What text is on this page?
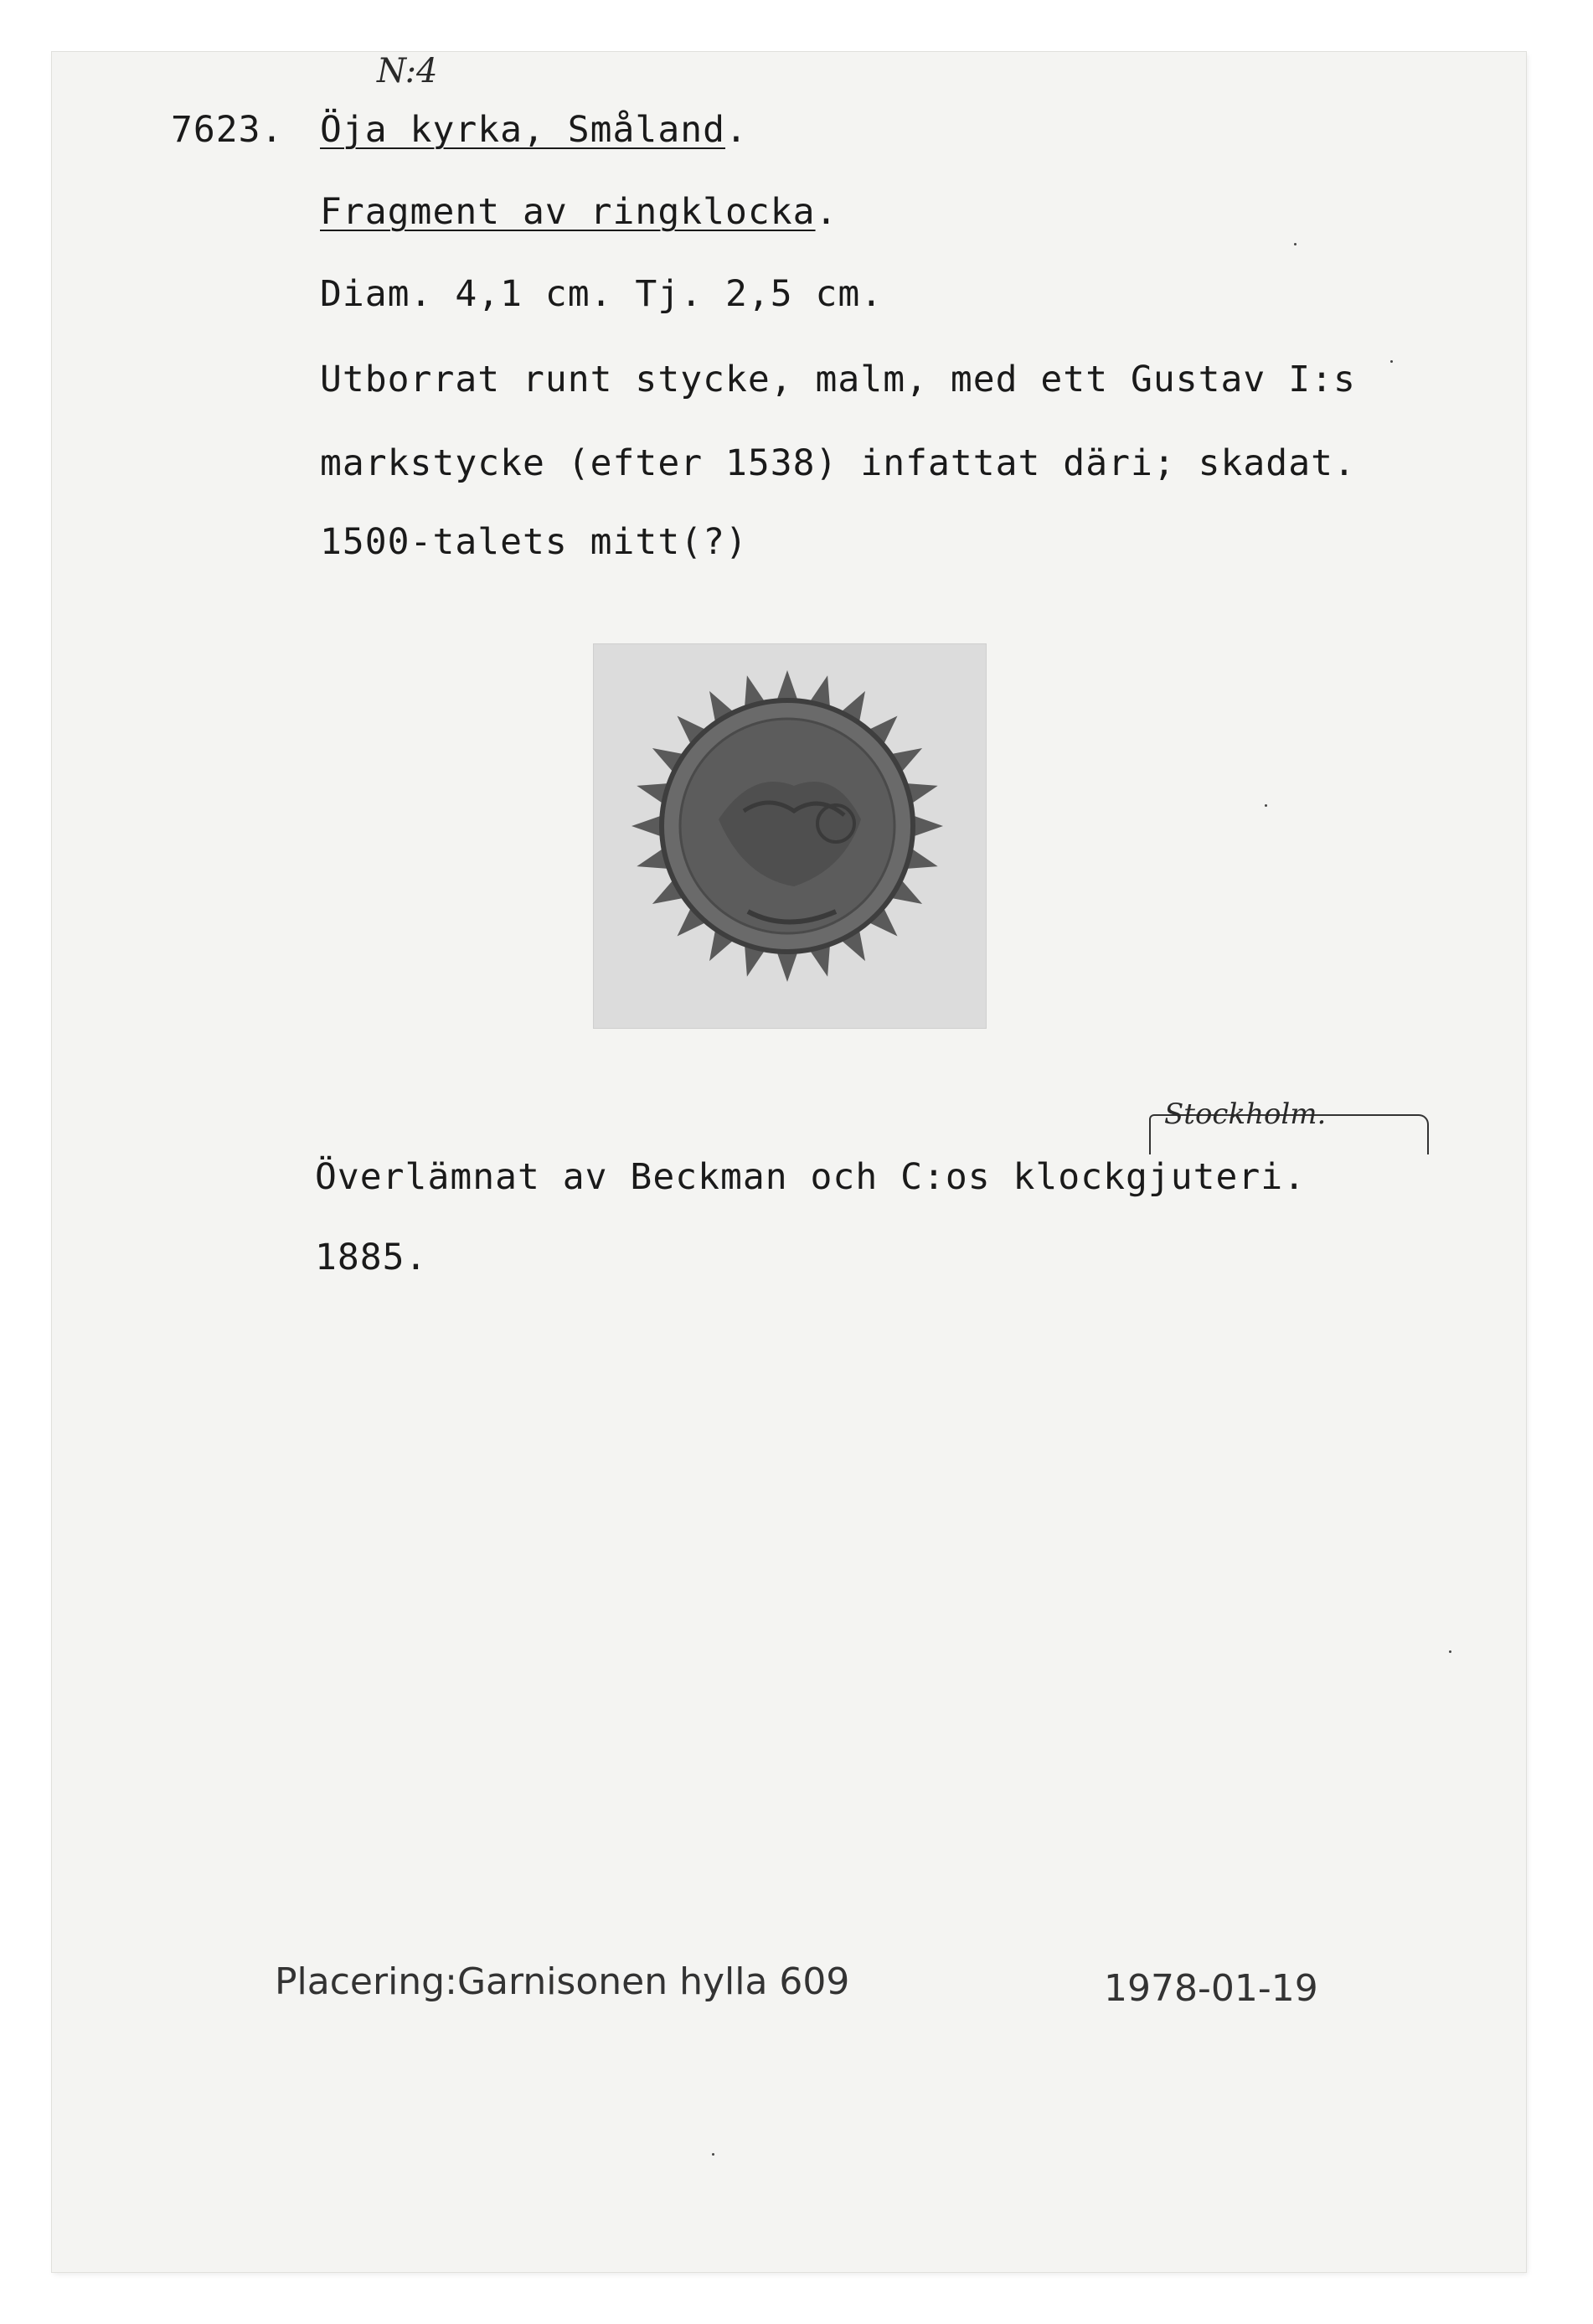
N:4
7623. Öja kyrka, Småland.
Fragment av ringklocka.
Diam. 4,1 cm. Tj. 2,5 cm.
Utborrat runt stycke, malm, med ett Gustav I:s
markstycke (efter 1538) infattat däri; skadat.
1500-talets mitt(?)
Stockholm.
Överlämnat av Beckman och C:os klockgjuteri.
1885.
Placering:Garnisonen hylla 609	1978-01-19
